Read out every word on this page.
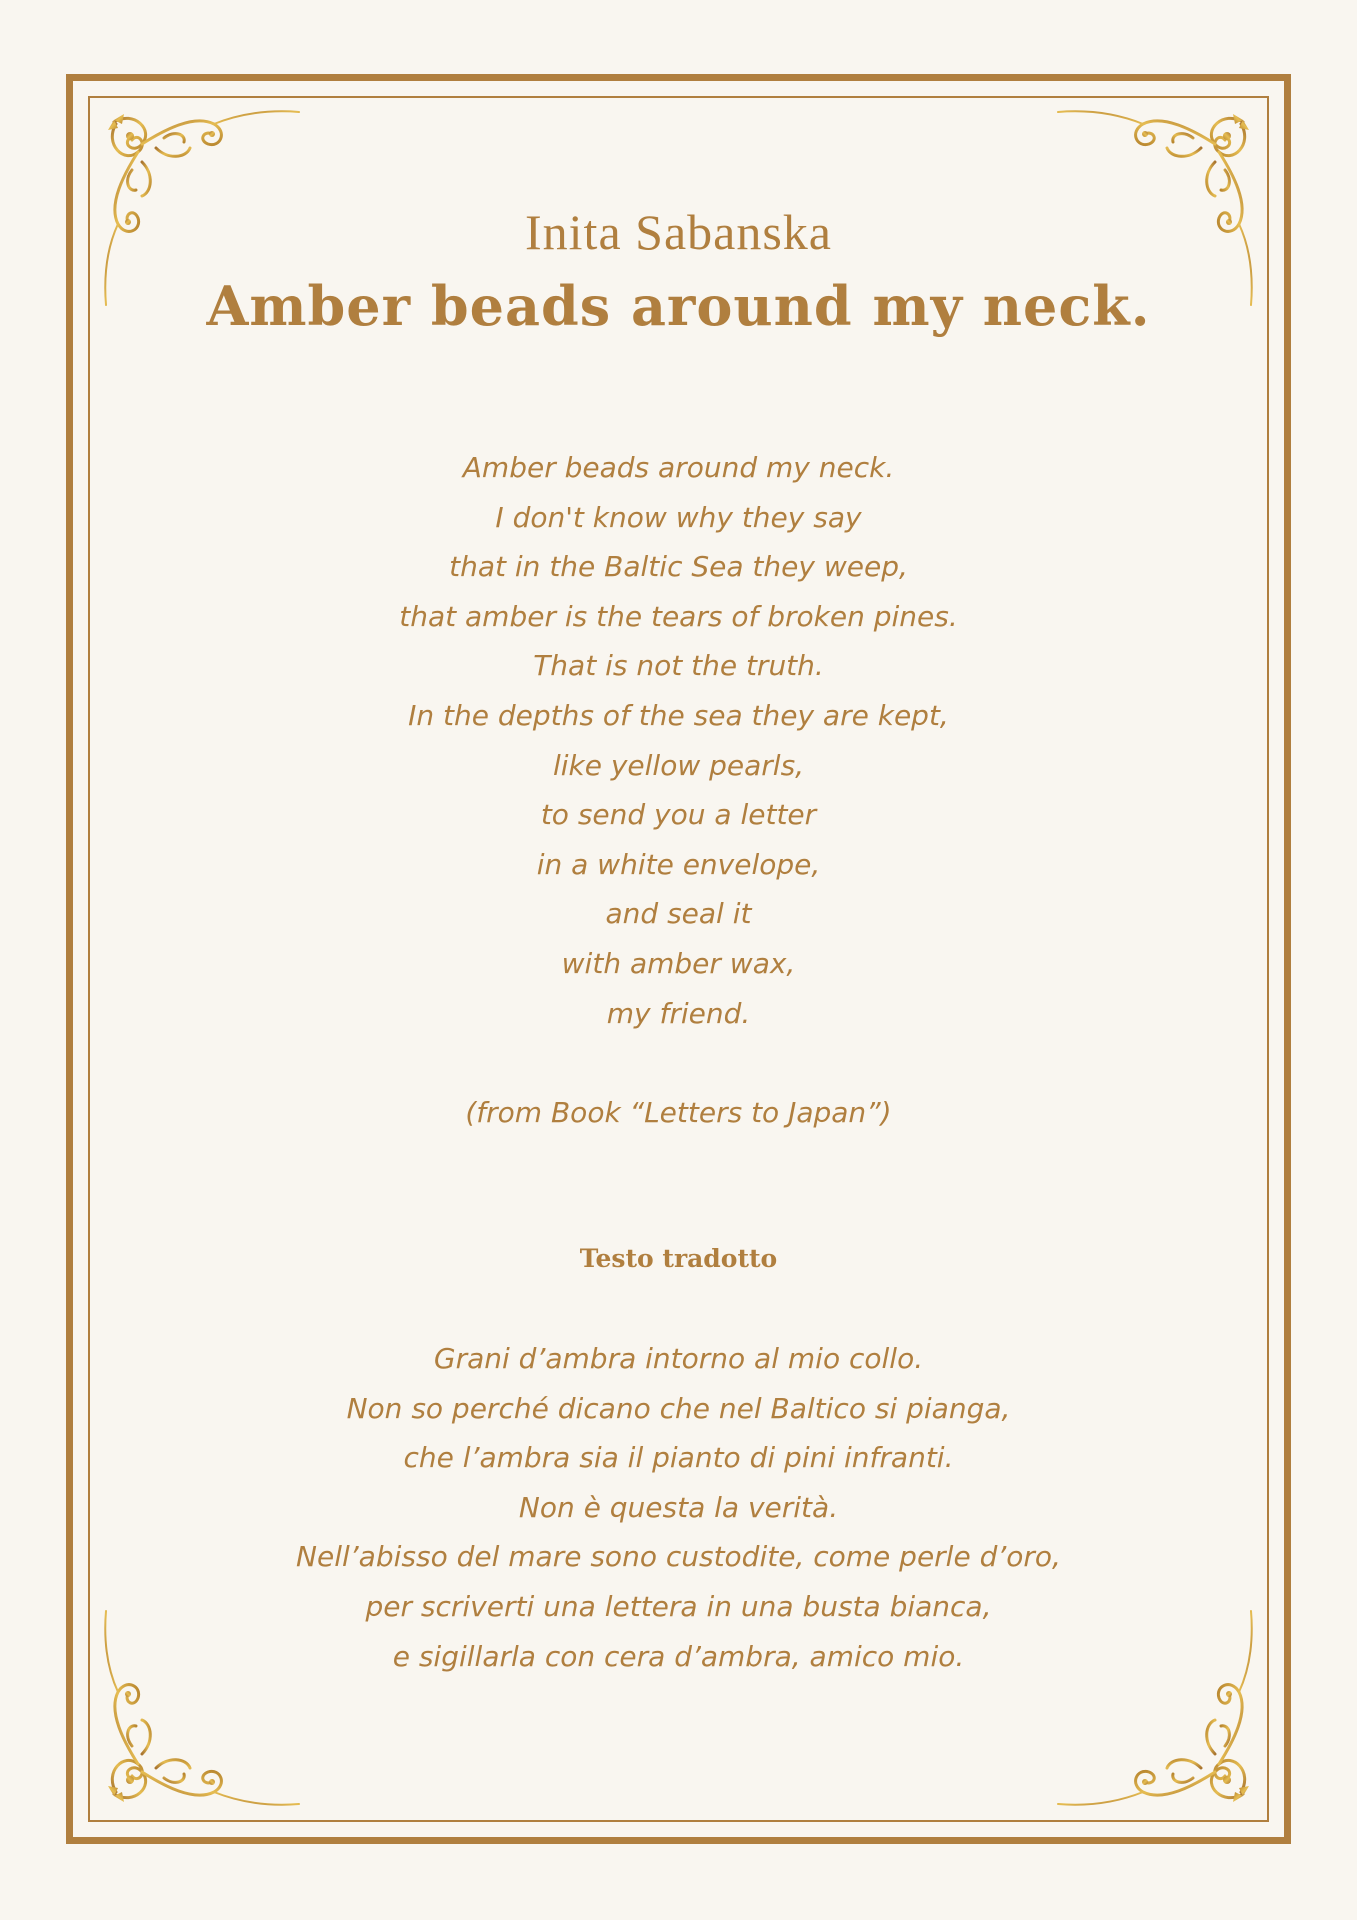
Inita Sabanska
Amber beads around my neck.
Amber beads around my neck.
I don't know why they say
that in the Baltic Sea they weep,
that amber is the tears of broken pines.
That is not the truth.
In the depths of the sea they are kept,
like yellow pearls,
to send you a letter
in a white envelope,
and seal it
with amber wax,
my friend.
(from Book “Letters to Japan”)
Testo tradotto
Grani d’ambra intorno al mio collo.
Non so perché dicano che nel Baltico si pianga,
che l’ambra sia il pianto di pini infranti.
Non è questa la verità.
Nell’abisso del mare sono custodite, come perle d’oro,
per scriverti una lettera in una busta bianca,
e sigillarla con cera d’ambra, amico mio.
